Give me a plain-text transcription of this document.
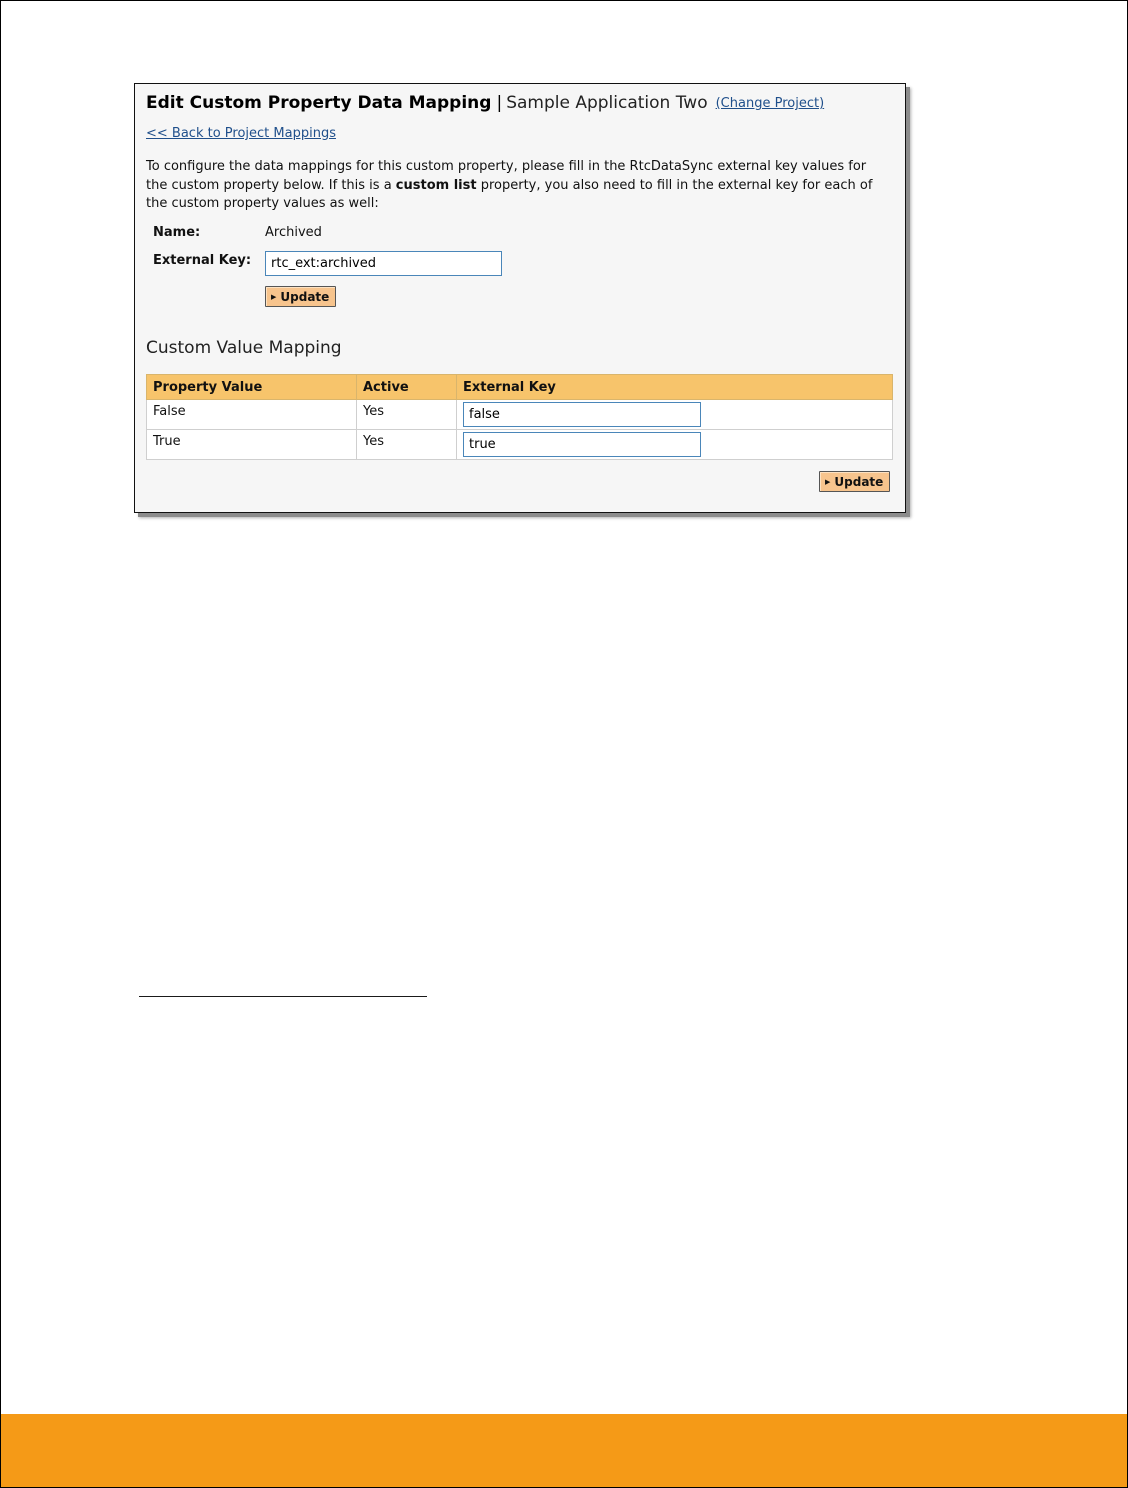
Edit Custom Property Data Mapping | Sample Application Two (Change Project)
<< Back to Project Mappings
To configure the data mappings for this custom property, please fill in the RtcDataSync external key values for the custom property below. If this is a custom list property, you also need to fill in the external key for each of the custom property values as well:
Name:	Archived
External Key:
rtc_ext:archived
▶ Update
Custom Value Mapping
Property Value	Active	External Key
False	Yes	false
True	Yes	true
▶ Update
